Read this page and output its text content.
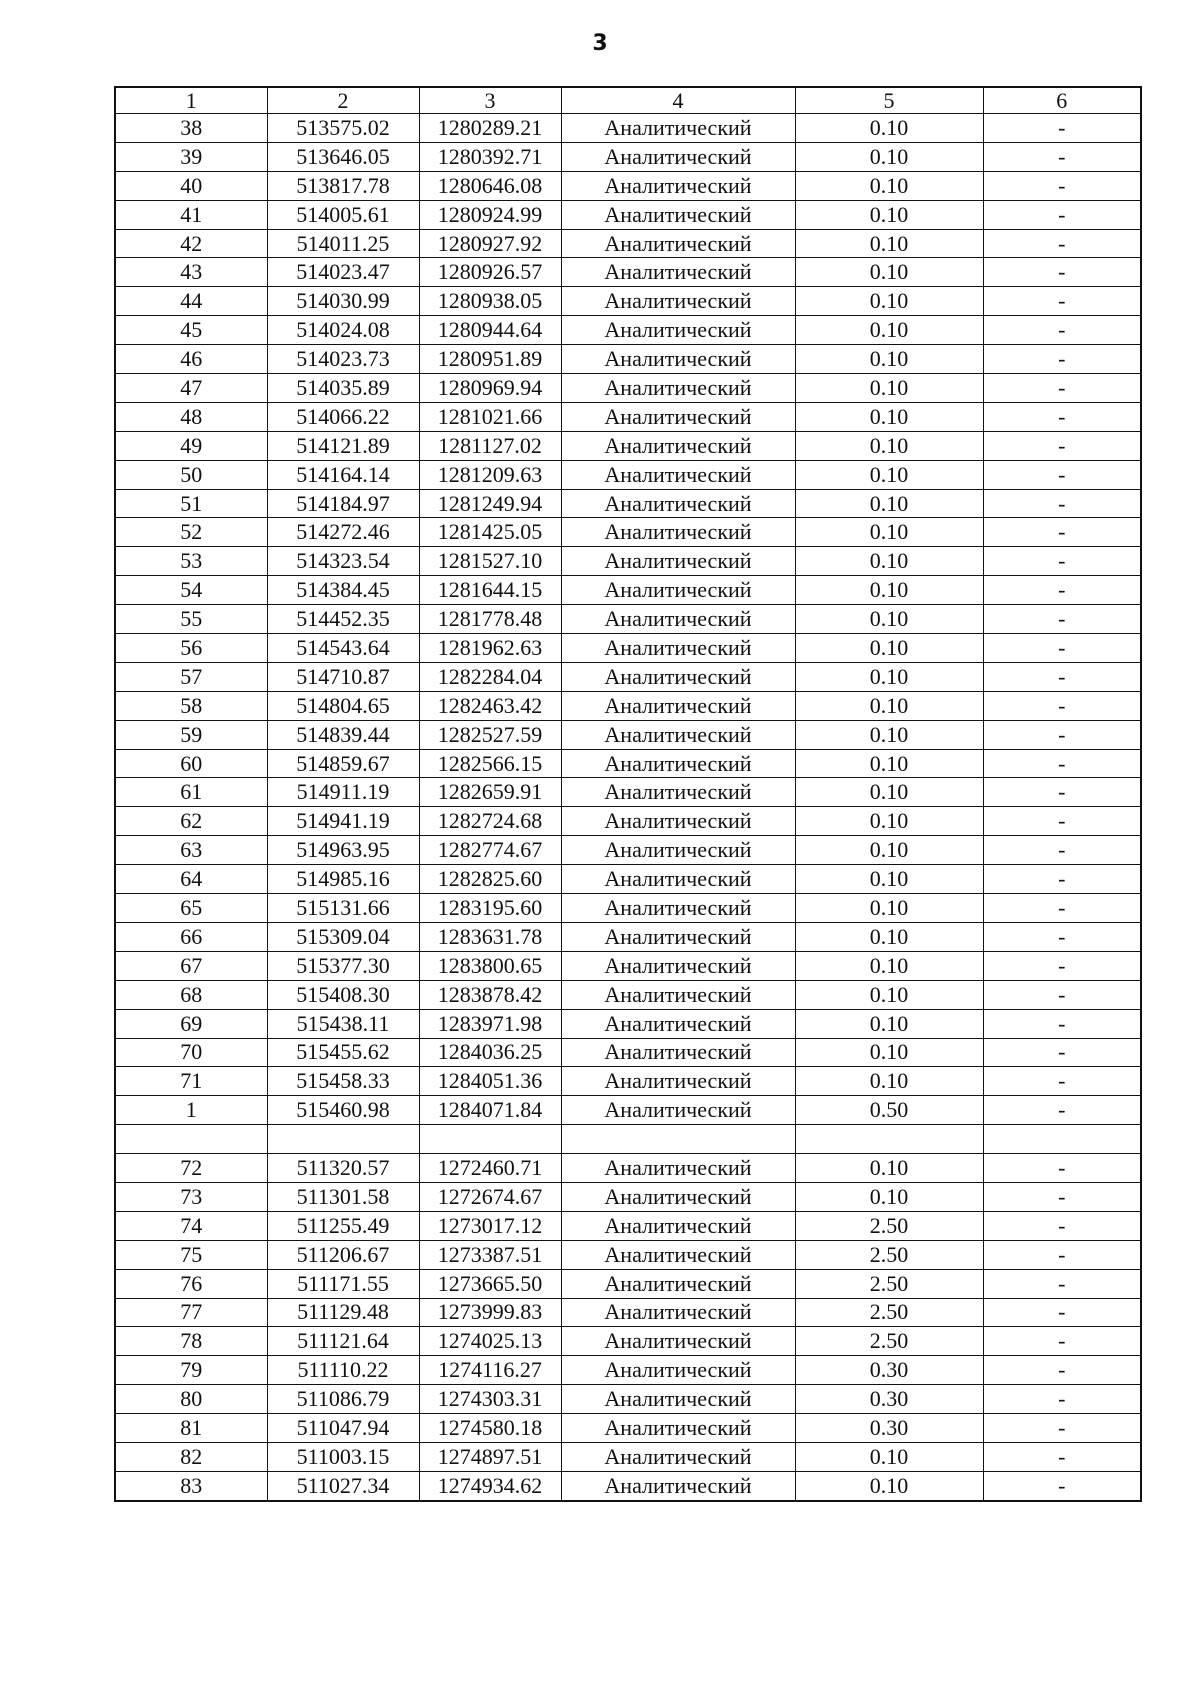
3
1	2	3	4	5	6
38	513575.02	1280289.21	Аналитический	0.10	-
39	513646.05	1280392.71	Аналитический	0.10	-
40	513817.78	1280646.08	Аналитический	0.10	-
41	514005.61	1280924.99	Аналитический	0.10	-
42	514011.25	1280927.92	Аналитический	0.10	-
43	514023.47	1280926.57	Аналитический	0.10	-
44	514030.99	1280938.05	Аналитический	0.10	-
45	514024.08	1280944.64	Аналитический	0.10	-
46	514023.73	1280951.89	Аналитический	0.10	-
47	514035.89	1280969.94	Аналитический	0.10	-
48	514066.22	1281021.66	Аналитический	0.10	-
49	514121.89	1281127.02	Аналитический	0.10	-
50	514164.14	1281209.63	Аналитический	0.10	-
51	514184.97	1281249.94	Аналитический	0.10	-
52	514272.46	1281425.05	Аналитический	0.10	-
53	514323.54	1281527.10	Аналитический	0.10	-
54	514384.45	1281644.15	Аналитический	0.10	-
55	514452.35	1281778.48	Аналитический	0.10	-
56	514543.64	1281962.63	Аналитический	0.10	-
57	514710.87	1282284.04	Аналитический	0.10	-
58	514804.65	1282463.42	Аналитический	0.10	-
59	514839.44	1282527.59	Аналитический	0.10	-
60	514859.67	1282566.15	Аналитический	0.10	-
61	514911.19	1282659.91	Аналитический	0.10	-
62	514941.19	1282724.68	Аналитический	0.10	-
63	514963.95	1282774.67	Аналитический	0.10	-
64	514985.16	1282825.60	Аналитический	0.10	-
65	515131.66	1283195.60	Аналитический	0.10	-
66	515309.04	1283631.78	Аналитический	0.10	-
67	515377.30	1283800.65	Аналитический	0.10	-
68	515408.30	1283878.42	Аналитический	0.10	-
69	515438.11	1283971.98	Аналитический	0.10	-
70	515455.62	1284036.25	Аналитический	0.10	-
71	515458.33	1284051.36	Аналитический	0.10	-
1	515460.98	1284071.84	Аналитический	0.50	-

72	511320.57	1272460.71	Аналитический	0.10	-
73	511301.58	1272674.67	Аналитический	0.10	-
74	511255.49	1273017.12	Аналитический	2.50	-
75	511206.67	1273387.51	Аналитический	2.50	-
76	511171.55	1273665.50	Аналитический	2.50	-
77	511129.48	1273999.83	Аналитический	2.50	-
78	511121.64	1274025.13	Аналитический	2.50	-
79	511110.22	1274116.27	Аналитический	0.30	-
80	511086.79	1274303.31	Аналитический	0.30	-
81	511047.94	1274580.18	Аналитический	0.30	-
82	511003.15	1274897.51	Аналитический	0.10	-
83	511027.34	1274934.62	Аналитический	0.10	-
